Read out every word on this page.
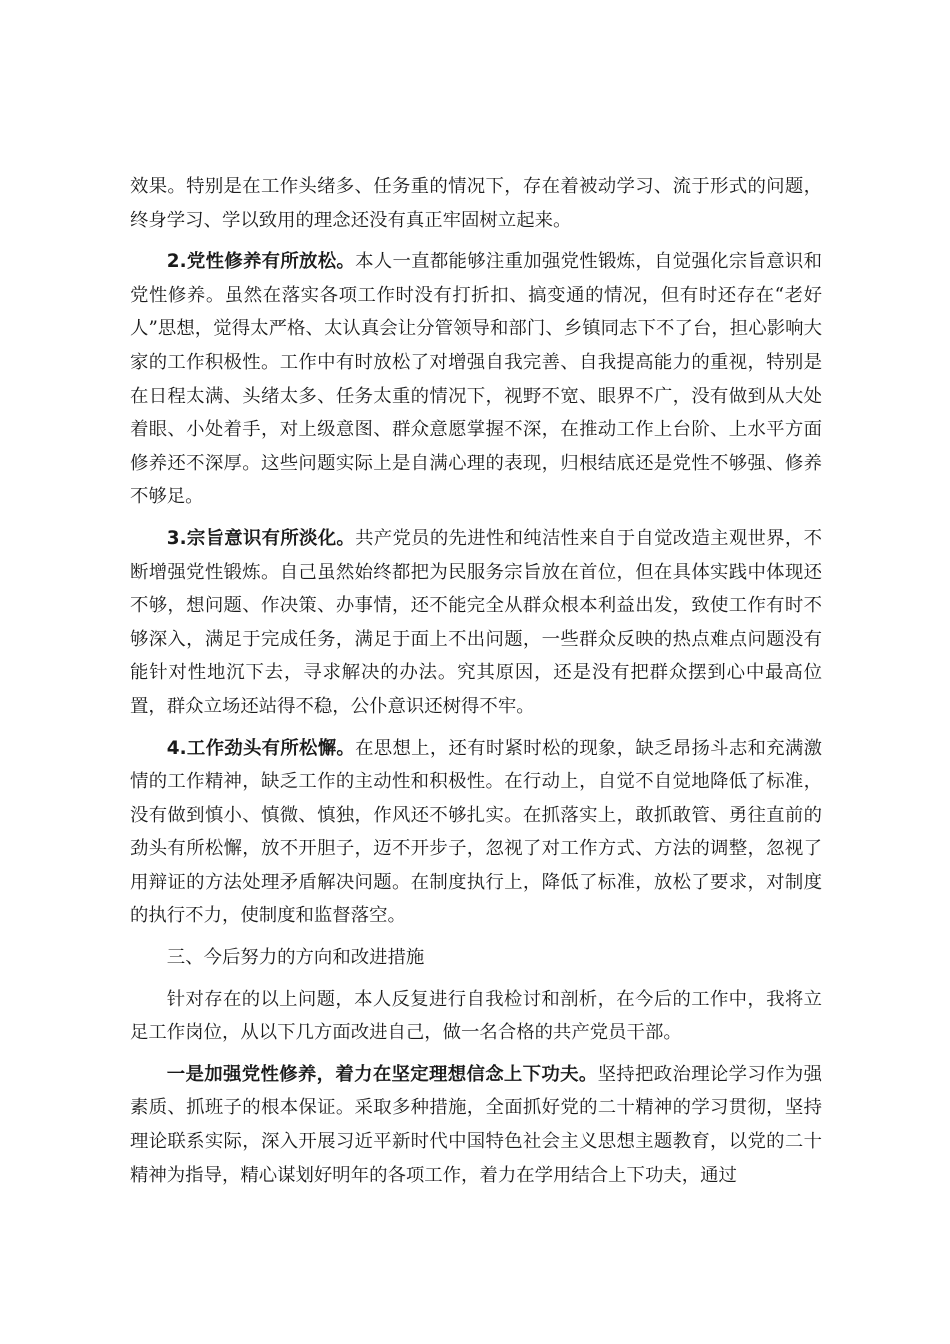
效果。特别是在工作头绪多、任务重的情况下，存在着被动学习、流于形式的问题，终身学习、学以致用的理念还没有真正牢固树立起来。

2.党性修养有所放松。本人一直都能够注重加强党性锻炼，自觉强化宗旨意识和党性修养。虽然在落实各项工作时没有打折扣、搞变通的情况，但有时还存在“老好人”思想，觉得太严格、太认真会让分管领导和部门、乡镇同志下不了台，担心影响大家的工作积极性。工作中有时放松了对增强自我完善、自我提高能力的重视，特别是在日程太满、头绪太多、任务太重的情况下，视野不宽、眼界不广，没有做到从大处着眼、小处着手，对上级意图、群众意愿掌握不深，在推动工作上台阶、上水平方面修养还不深厚。这些问题实际上是自满心理的表现，归根结底还是党性不够强、修养不够足。

3.宗旨意识有所淡化。共产党员的先进性和纯洁性来自于自觉改造主观世界，不断增强党性锻炼。自己虽然始终都把为民服务宗旨放在首位，但在具体实践中体现还不够，想问题、作决策、办事情，还不能完全从群众根本利益出发，致使工作有时不够深入，满足于完成任务，满足于面上不出问题，一些群众反映的热点难点问题没有能针对性地沉下去，寻求解决的办法。究其原因，还是没有把群众摆到心中最高位置，群众立场还站得不稳，公仆意识还树得不牢。

4.工作劲头有所松懈。在思想上，还有时紧时松的现象，缺乏昂扬斗志和充满激情的工作精神，缺乏工作的主动性和积极性。在行动上，自觉不自觉地降低了标准，没有做到慎小、慎微、慎独，作风还不够扎实。在抓落实上，敢抓敢管、勇往直前的劲头有所松懈，放不开胆子，迈不开步子，忽视了对工作方式、方法的调整，忽视了用辩证的方法处理矛盾解决问题。在制度执行上，降低了标准，放松了要求，对制度的执行不力，使制度和监督落空。

三、今后努力的方向和改进措施

针对存在的以上问题，本人反复进行自我检讨和剖析，在今后的工作中，我将立足工作岗位，从以下几方面改进自己，做一名合格的共产党员干部。

一是加强党性修养，着力在坚定理想信念上下功夫。坚持把政治理论学习作为强素质、抓班子的根本保证。采取多种措施，全面抓好党的二十精神的学习贯彻，坚持理论联系实际，深入开展习近平新时代中国特色社会主义思想主题教育，以党的二十精神为指导，精心谋划好明年的各项工作，着力在学用结合上下功夫，通过
